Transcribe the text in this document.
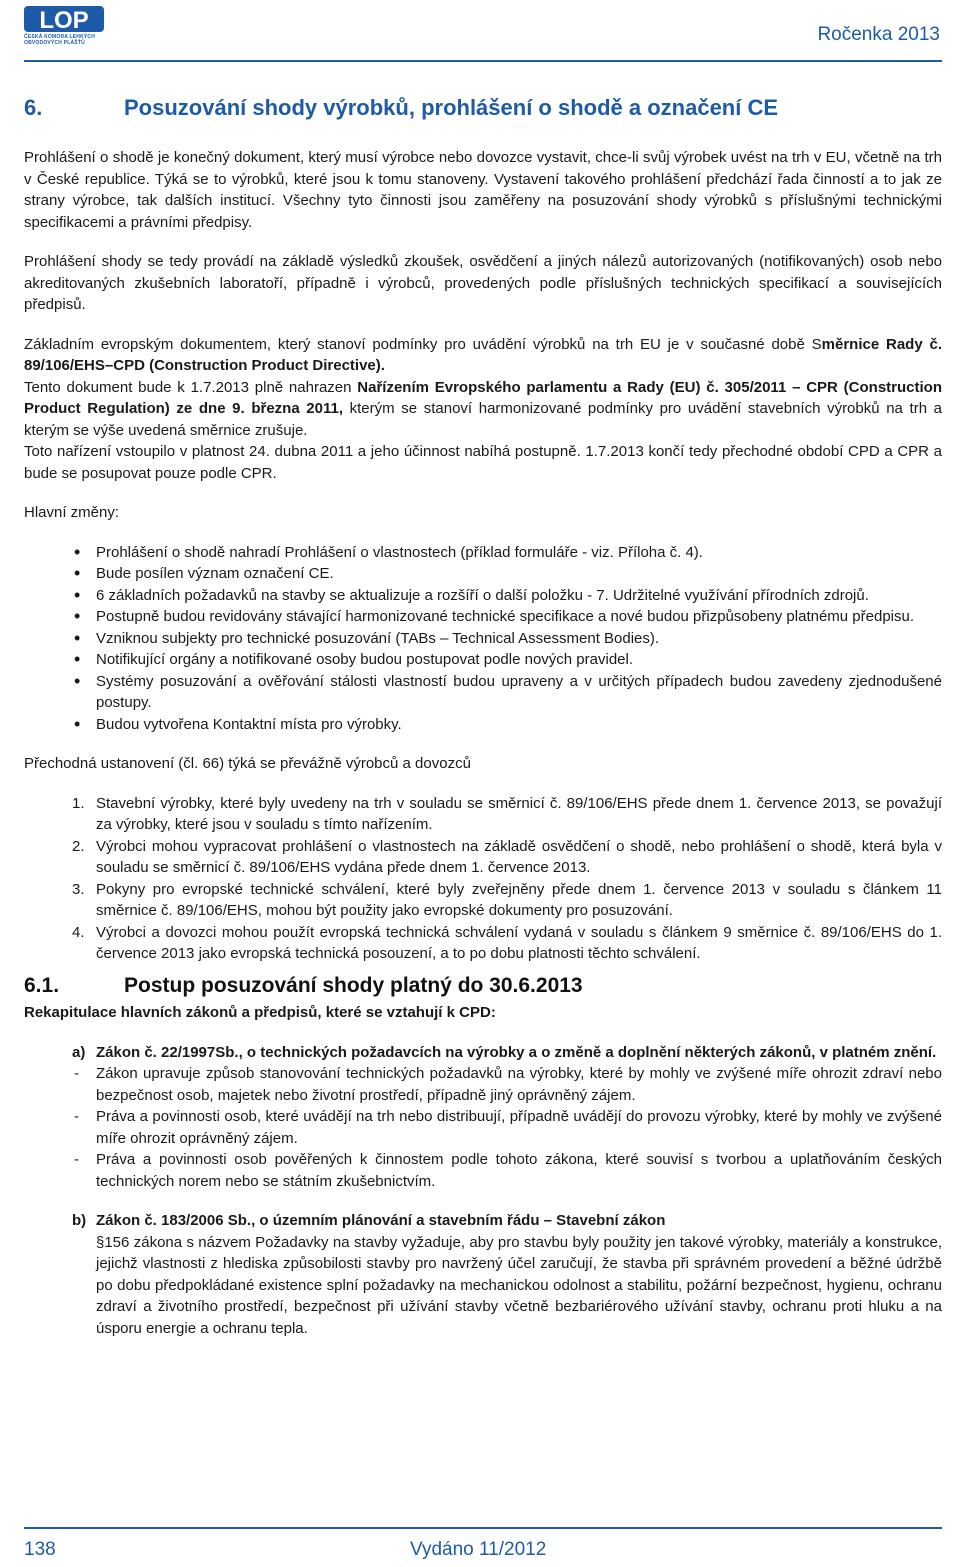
LOP
ČESKÁ KOMORA LEHKÝCH OBVODOVÝCH PLÁŠŤŮ	Ročenka 2013
6.	Posuzování shody výrobků, prohlášení o shodě a označení CE

Prohlášení o shodě je konečný dokument, který musí výrobce nebo dovozce vystavit, chce-li svůj výrobek uvést na trh v EU, včetně na trh v České republice. Týká se to výrobků, které jsou k tomu stanoveny. Vystavení takového prohlášení předchází řada činností a to jak ze strany výrobce, tak dalších institucí. Všechny tyto činnosti jsou zaměřeny na posuzování shody výrobků s příslušnými technickými specifikacemi a právními předpisy.

Prohlášení shody se tedy provádí na základě výsledků zkoušek, osvědčení a jiných nálezů autorizovaných (notifikovaných) osob nebo akreditovaných zkušebních laboratoří, případně i výrobců, provedených podle příslušných technických specifikací a souvisejících předpisů.

Základním evropským dokumentem, který stanoví podmínky pro uvádění výrobků na trh EU je v současné době Směrnice Rady č. 89/106/EHS–CPD (Construction Product Directive).

Tento dokument bude k 1.7.2013 plně nahrazen Nařízením Evropského parlamentu a Rady (EU) č. 305/2011 – CPR (Construction Product Regulation) ze dne 9. března 2011, kterým se stanoví harmonizované podmínky pro uvádění stavebních výrobků na trh a kterým se výše uvedená směrnice zrušuje.

Toto nařízení vstoupilo v platnost 24. dubna 2011 a jeho účinnost nabíhá postupně. 1.7.2013 končí tedy přechodné období CPD a CPR a bude se posupovat pouze podle CPR.

Hlavní změny:

• Prohlášení o shodě nahradí Prohlášení o vlastnostech (příklad formuláře - viz. Příloha č. 4).
• Bude posílen význam označení CE.
• 6 základních požadavků na stavby se aktualizuje a rozšíří o další položku - 7. Udržitelné využívání přírodních zdrojů.
• Postupně budou revidovány stávající harmonizované technické specifikace a nové budou přizpůsobeny platnému předpisu.
• Vzniknou subjekty pro technické posuzování (TABs – Technical Assessment Bodies).
• Notifikující orgány a notifikované osoby budou postupovat podle nových pravidel.
• Systémy posuzování a ověřování stálosti vlastností budou upraveny a v určitých případech budou zavedeny zjednodušené postupy.
• Budou vytvořena Kontaktní místa pro výrobky.

Přechodná ustanovení (čl. 66) týká se převážně výrobců a dovozců

1. Stavební výrobky, které byly uvedeny na trh v souladu se směrnicí č. 89/106/EHS přede dnem 1. července 2013, se považují za výrobky, které jsou v souladu s tímto nařízením.
2. Výrobci mohou vypracovat prohlášení o vlastnostech na základě osvědčení o shodě, nebo prohlášení o shodě, která byla v souladu se směrnicí č. 89/106/EHS vydána přede dnem 1. července 2013.
3. Pokyny pro evropské technické schválení, které byly zveřejněny přede dnem 1. července 2013 v souladu s článkem 11 směrnice č. 89/106/EHS, mohou být použity jako evropské dokumenty pro posuzování.
4. Výrobci a dovozci mohou použít evropská technická schválení vydaná v souladu s článkem 9 směrnice č. 89/106/EHS do 1. července 2013 jako evropská technická posouzení, a to po dobu platnosti těchto schválení.
6.1.	Postup posuzování shody platný do 30.6.2013

Rekapitulace hlavních zákonů a předpisů, které se vztahují k CPD:

a) Zákon č. 22/1997Sb., o technických požadavcích na výrobky a o změně a doplnění některých zákonů, v platném znění.
- Zákon upravuje způsob stanovování technických požadavků na výrobky, které by mohly ve zvýšené míře ohrozit zdraví nebo bezpečnost osob, majetek nebo životní prostředí, případně jiný oprávněný zájem.
- Práva a povinnosti osob, které uvádějí na trh nebo distribuují, případně uvádějí do provozu výrobky, které by mohly ve zvýšené míře ohrozit oprávněný zájem.
- Práva a povinnosti osob pověřených k činnostem podle tohoto zákona, které souvisí s tvorbou a uplatňováním českých technických norem nebo se státním zkušebnictvím.
b) Zákon č. 183/2006 Sb., o územním plánování a stavebním řádu – Stavební zákon
§156 zákona s názvem Požadavky na stavby vyžaduje, aby pro stavbu byly použity jen takové výrobky, materiály a konstrukce, jejichž vlastnosti z hlediska způsobilosti stavby pro navržený účel zaručují, že stavba při správném provedení a běžné údržbě po dobu předpokládané existence splní požadavky na mechanickou odolnost a stabilitu, požární bezpečnost, hygienu, ochranu zdraví a životního prostředí, bezpečnost při užívání stavby včetně bezbariérového užívání stavby, ochranu proti hluku a na úsporu energie a ochranu tepla.
138	Vydáno 11/2012
